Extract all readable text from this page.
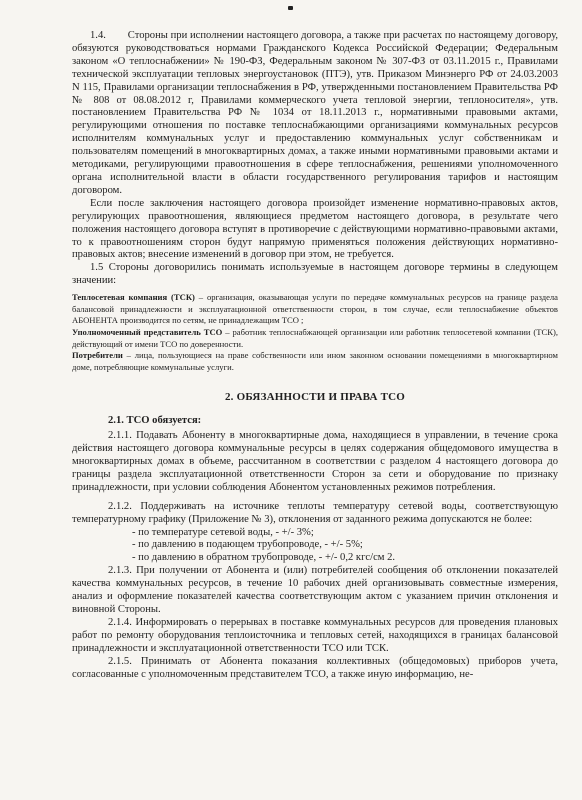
1.4.        Стороны при исполнении настоящего договора, а также при расчетах по настоящему договору, обязуются руководствоваться нормами Гражданского Кодекса Российской Федерации; Федеральным законом «О теплоснабжении» № 190-ФЗ, Федеральным законом № 307-ФЗ от 03.11.2015 г., Правилами технической эксплуатации тепловых энергоустановок (ПТЭ), утв. Приказом Минэнерго РФ от 24.03.2003 N 115, Правилами организации теплоснабжения в РФ, утвержденными постановлением Правительства РФ № 808 от 08.08.2012 г, Правилами коммерческого учета тепловой энергии, теплоносителя», утв. постановлением Правительства РФ № 1034 от 18.11.2013 г., нормативными правовыми актами, регулирующими отношения по поставке теплоснабжающими организациями коммунальных ресурсов исполнителям коммунальных услуг и предоставлению коммунальных услуг собственникам и пользователям помещений в многоквартирных домах, а также иными нормативными правовыми актами и методиками, регулирующими правоотношения в сфере теплоснабжения, решениями уполномоченного органа исполнительной власти в области государственного регулирования тарифов и настоящим договором.

Если после заключения настоящего договора произойдет изменение нормативно-правовых актов, регулирующих правоотношения, являющиеся предметом настоящего договора, в результате чего положения настоящего договора вступят в противоречие с действующими нормативно-правовыми актами, то к правоотношениям сторон будут напрямую применяться положения действующих нормативно-правовых актов; внесение изменений в договор при этом, не требуется.

1.5 Стороны договорились понимать используемые в настоящем договоре термины в следующем значении:

Теплосетевая компания (ТСК) – организация, оказывающая услуги по передаче коммунальных ресурсов на границе раздела балансовой принадлежности и эксплуатационной ответственности сторон, в том случае, если теплоснабжение объектов АБОНЕНТА производится по сетям, не принадлежащим ТСО ;

Уполномоченный представитель ТСО – работник теплоснабжающей организации или работник теплосетевой компании (ТСК), действующий от имени ТСО по доверенности.

Потребители – лица, пользующиеся на праве собственности или ином законном основании помещениями в многоквартирном доме, потребляющие коммунальные услуги.

2. ОБЯЗАННОСТИ И ПРАВА ТСО

2.1. ТСО обязуется:

2.1.1. Подавать Абоненту в многоквартирные дома, находящиеся в управлении, в течение срока действия настоящего договора коммунальные ресурсы в целях содержания общедомового имущества в многоквартирных домах в объеме, рассчитанном в соответствии с разделом 4 настоящего договора до границы раздела эксплуатационной ответственности Сторон за сети и оборудование по признаку принадлежности, при условии соблюдения Абонентом установленных режимов потребления.

2.1.2. Поддерживать на источнике теплоты температуру сетевой воды, соответствующую температурному графику (Приложение № 3), отклонения от заданного режима допускаются не более:

- по температуре сетевой воды, - +/- 3%;

- по давлению в подающем трубопроводе, - +/- 5%;

- по давлению в обратном трубопроводе, - +/- 0,2 кгс/см 2.

2.1.3. При получении от Абонента и (или) потребителей сообщения об отклонении показателей качества коммунальных ресурсов, в течение 10 рабочих дней организовывать совместные измерения, анализ и оформление показателей качества соответствующим актом с указанием причин отклонения и виновной Стороны.

2.1.4. Информировать о перерывах в поставке коммунальных ресурсов для проведения плановых работ по ремонту оборудования теплоисточника и тепловых сетей, находящихся в границах балансовой принадлежности и эксплуатационной ответственности ТСО или ТСК.

2.1.5. Принимать от Абонента показания коллективных (общедомовых) приборов учета, согласованные с уполномоченным представителем ТСО, а также иную информацию, не-
